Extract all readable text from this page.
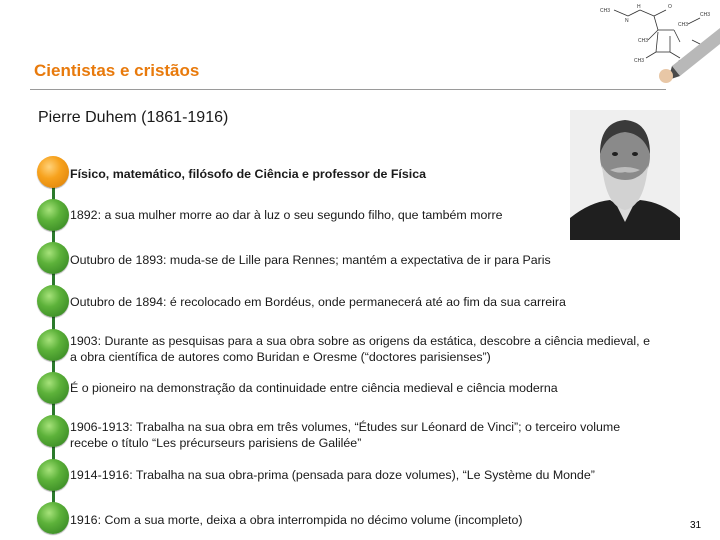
CH3
N
H	O
CH3
CH3
CH3
CH3
Cientistas e cristãos
Pierre Duhem (1861-1916)
Físico, matemático, filósofo de Ciência e professor de Física
1892: a sua mulher morre ao dar à luz o seu segundo filho, que também morre
Outubro de 1893: muda-se de Lille para Rennes; mantém a expectativa de ir para Paris
Outubro de 1894: é recolocado em Bordéus, onde permanecerá até ao fim da sua carreira
1903: Durante as pesquisas para a sua obra sobre as origens da estática, descobre a ciência medieval, e a obra científica de autores como Buridan e Oresme (“doctores parisienses”)
É o pioneiro na demonstração da continuidade entre ciência medieval e ciência moderna
1906-1913: Trabalha na sua obra em três volumes, “Études sur Léonard de Vinci”; o terceiro volume recebe o título “Les précurseurs parisiens de Galilée”
1914-1916: Trabalha na sua obra-prima (pensada para doze volumes), “Le Système du Monde”
1916: Com a sua morte, deixa a obra interrompida no décimo volume (incompleto)	31
